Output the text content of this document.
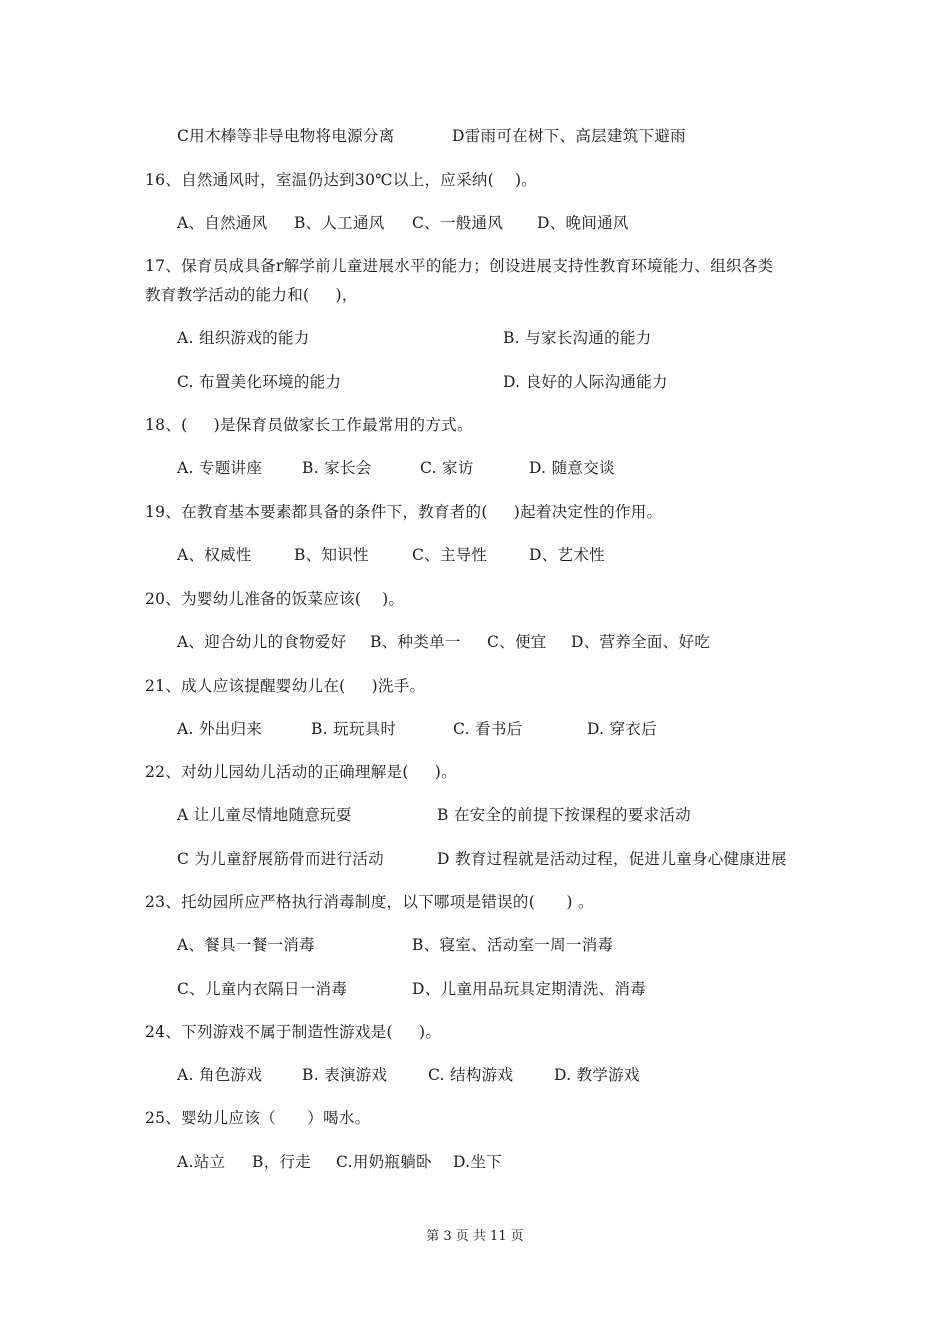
C用木棒等非导电物将电源分离	D雷雨可在树下、高层建筑下避雨
16、自然通风时，室温仍达到30℃以上，应采纳(    )。
A、自然通风 B、人工通风 C、一般通风 D、晚间通风
17、保育员成具备r解学前儿童进展水平的能力；创设进展支持性教育环境能力、组织各类
教育教学活动的能力和(     )，
A. 组织游戏的能力	B. 与家长沟通的能力
C. 布置美化环境的能力	D. 良好的人际沟通能力
18、(     )是保育员做家长工作最常用的方式。
A. 专题讲座	B. 家长会	C. 家访	D. 随意交谈
19、在教育基本要素都具备的条件下，教育者的(     )起着决定性的作用。
A、权威性	B、知识性	C、主导性	D、艺术性
20、为婴幼儿准备的饭菜应该(    )。
A、迎合幼儿的食物爱好 B、种类单一 C、便宜 D、营养全面、好吃
21、成人应该提醒婴幼儿在(     )洗手。
A. 外出归来	B. 玩玩具时	C. 看书后	D. 穿衣后
22、对幼儿园幼儿活动的正确理解是(     )。
A 让儿童尽情地随意玩耍	B 在安全的前提下按课程的要求活动
C 为儿童舒展筋骨而进行活动	D 教育过程就是活动过程，促进儿童身心健康进展
23、托幼园所应严格执行消毒制度，以下哪项是错误的(      ) 。
A、餐具一餐一消毒	B、寝室、活动室一周一消毒
C、儿童内衣隔日一消毒	D、儿童用品玩具定期清洗、消毒
24、下列游戏不属于制造性游戏是(     )。
A. 角色游戏	B. 表演游戏	C. 结构游戏	D. 教学游戏
25、婴幼儿应该（      ）喝水。
A.站立 B，行走 C.用奶瓶躺卧 D.坐下
第 3 页 共 11 页
